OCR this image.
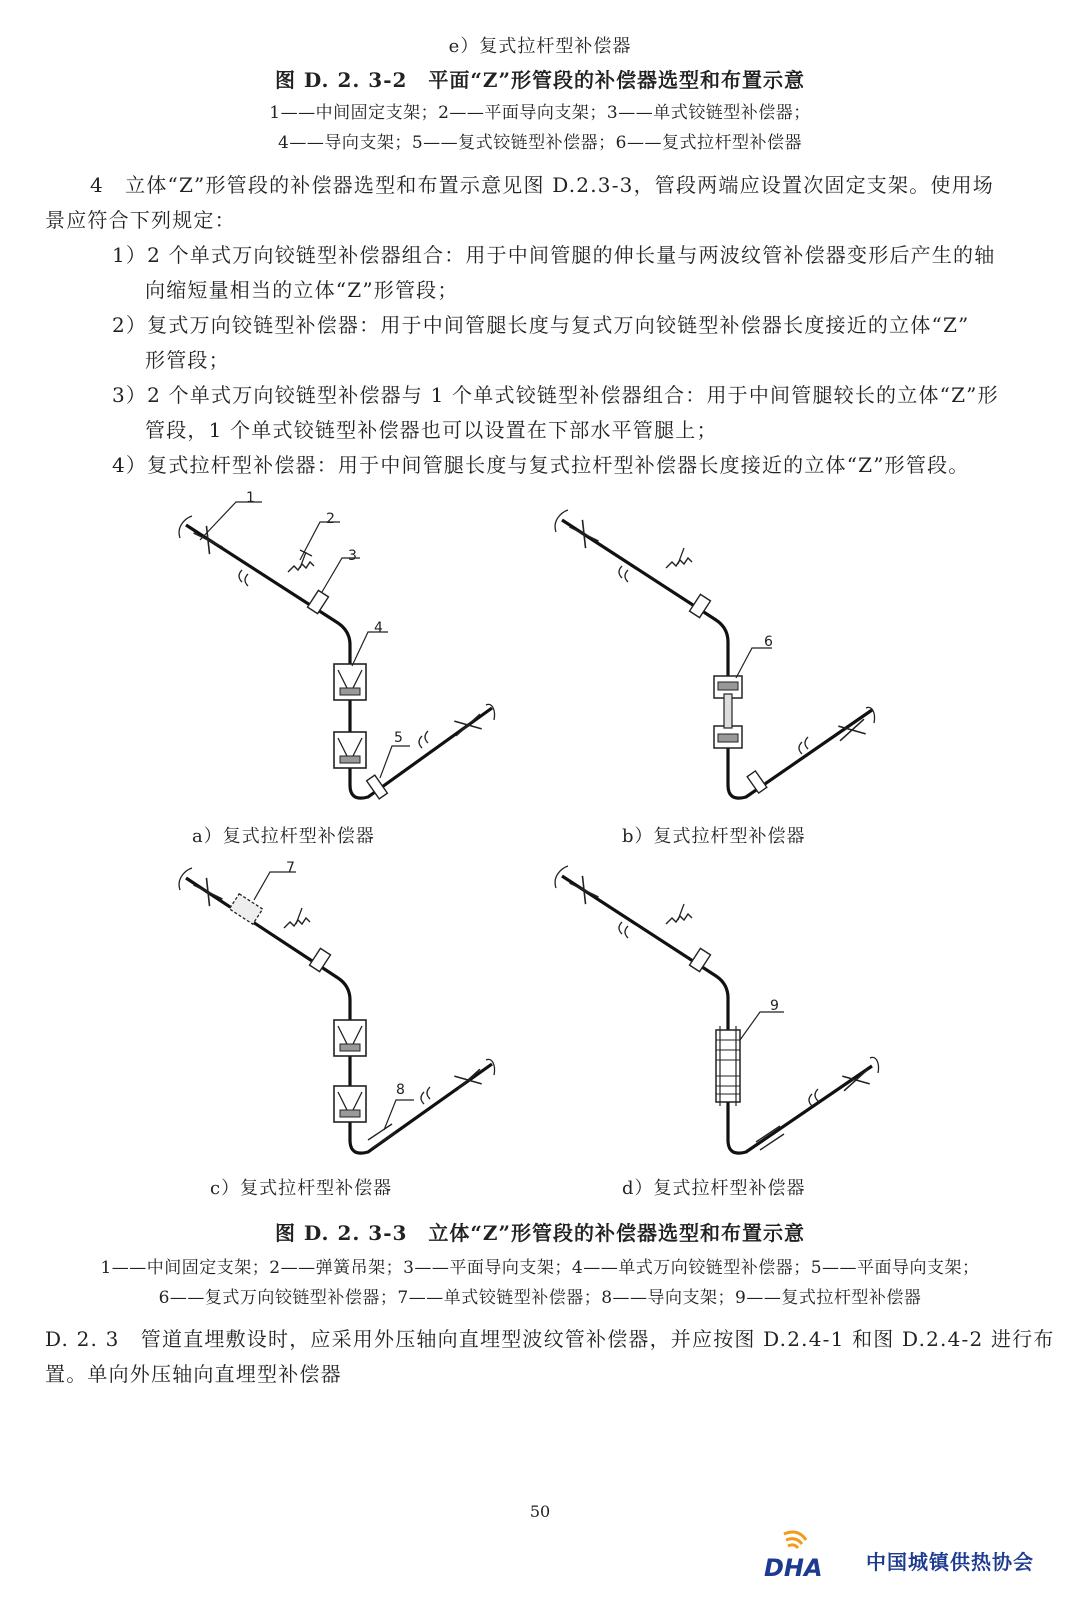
e）复式拉杆型补偿器
图 D. 2. 3-2　平面“Z”形管段的补偿器选型和布置示意
1——中间固定支架；2——平面导向支架；3——单式铰链型补偿器；
4——导向支架；5——复式铰链型补偿器；6——复式拉杆型补偿器
4　立体“Z”形管段的补偿器选型和布置示意见图 D.2.3-3，管段两端应设置次固定支架。使用场
景应符合下列规定：
1）2 个单式万向铰链型补偿器组合：用于中间管腿的伸长量与两波纹管补偿器变形后产生的轴
向缩短量相当的立体“Z”形管段；
2）复式万向铰链型补偿器：用于中间管腿长度与复式万向铰链型补偿器长度接近的立体“Z”
形管段；
3）2 个单式万向铰链型补偿器与 1 个单式铰链型补偿器组合：用于中间管腿较长的立体“Z”形
管段，1 个单式铰链型补偿器也可以设置在下部水平管腿上；
4）复式拉杆型补偿器：用于中间管腿长度与复式拉杆型补偿器长度接近的立体“Z”形管段。
1
2
3
4
5
6
7
8
9
a）复式拉杆型补偿器	b）复式拉杆型补偿器
c）复式拉杆型补偿器	d）复式拉杆型补偿器
图 D. 2. 3-3　立体“Z”形管段的补偿器选型和布置示意
1——中间固定支架；2——弹簧吊架；3——平面导向支架；4——单式万向铰链型补偿器；5——平面导向支架；
6——复式万向铰链型补偿器；7——单式铰链型补偿器；8——导向支架；9——复式拉杆型补偿器
D. 2. 3　管道直埋敷设时，应采用外压轴向直埋型波纹管补偿器，并应按图 D.2.4-1 和图 D.2.4-2 进行布
置。单向外压轴向直埋型补偿器
50
DHA 中国城镇供热协会
